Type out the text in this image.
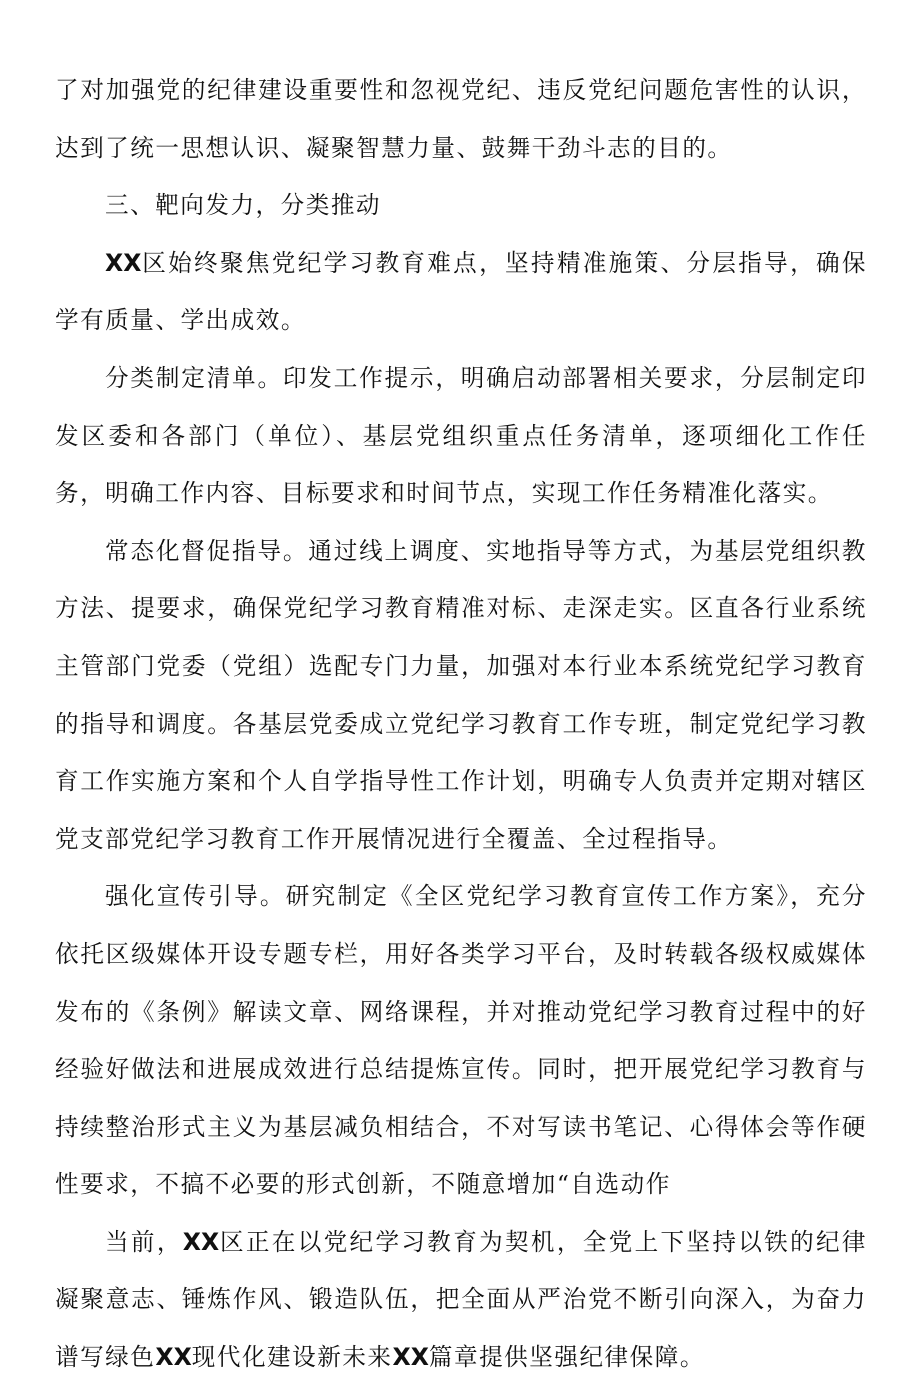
了对加强党的纪律建设重要性和忽视党纪、违反党纪问题危害性的认识，达到了统一思想认识、凝聚智慧力量、鼓舞干劲斗志的目的。

三、靶向发力，分类推动

XX区始终聚焦党纪学习教育难点，坚持精准施策、分层指导，确保学有质量、学出成效。

分类制定清单。印发工作提示，明确启动部署相关要求，分层制定印发区委和各部门（单位）、基层党组织重点任务清单，逐项细化工作任务，明确工作内容、目标要求和时间节点，实现工作任务精准化落实。

常态化督促指导。通过线上调度、实地指导等方式，为基层党组织教方法、提要求，确保党纪学习教育精准对标、走深走实。区直各行业系统主管部门党委（党组）选配专门力量，加强对本行业本系统党纪学习教育的指导和调度。各基层党委成立党纪学习教育工作专班，制定党纪学习教育工作实施方案和个人自学指导性工作计划，明确专人负责并定期对辖区党支部党纪学习教育工作开展情况进行全覆盖、全过程指导。

强化宣传引导。研究制定《全区党纪学习教育宣传工作方案》，充分依托区级媒体开设专题专栏，用好各类学习平台，及时转载各级权威媒体发布的《条例》解读文章、网络课程，并对推动党纪学习教育过程中的好经验好做法和进展成效进行总结提炼宣传。同时，把开展党纪学习教育与持续整治形式主义为基层减负相结合，不对写读书笔记、心得体会等作硬性要求，不搞不必要的形式创新，不随意增加“自选动作

当前，XX区正在以党纪学习教育为契机，全党上下坚持以铁的纪律凝聚意志、锤炼作风、锻造队伍，把全面从严治党不断引向深入，为奋力谱写绿色XX现代化建设新未来XX篇章提供坚强纪律保障。
